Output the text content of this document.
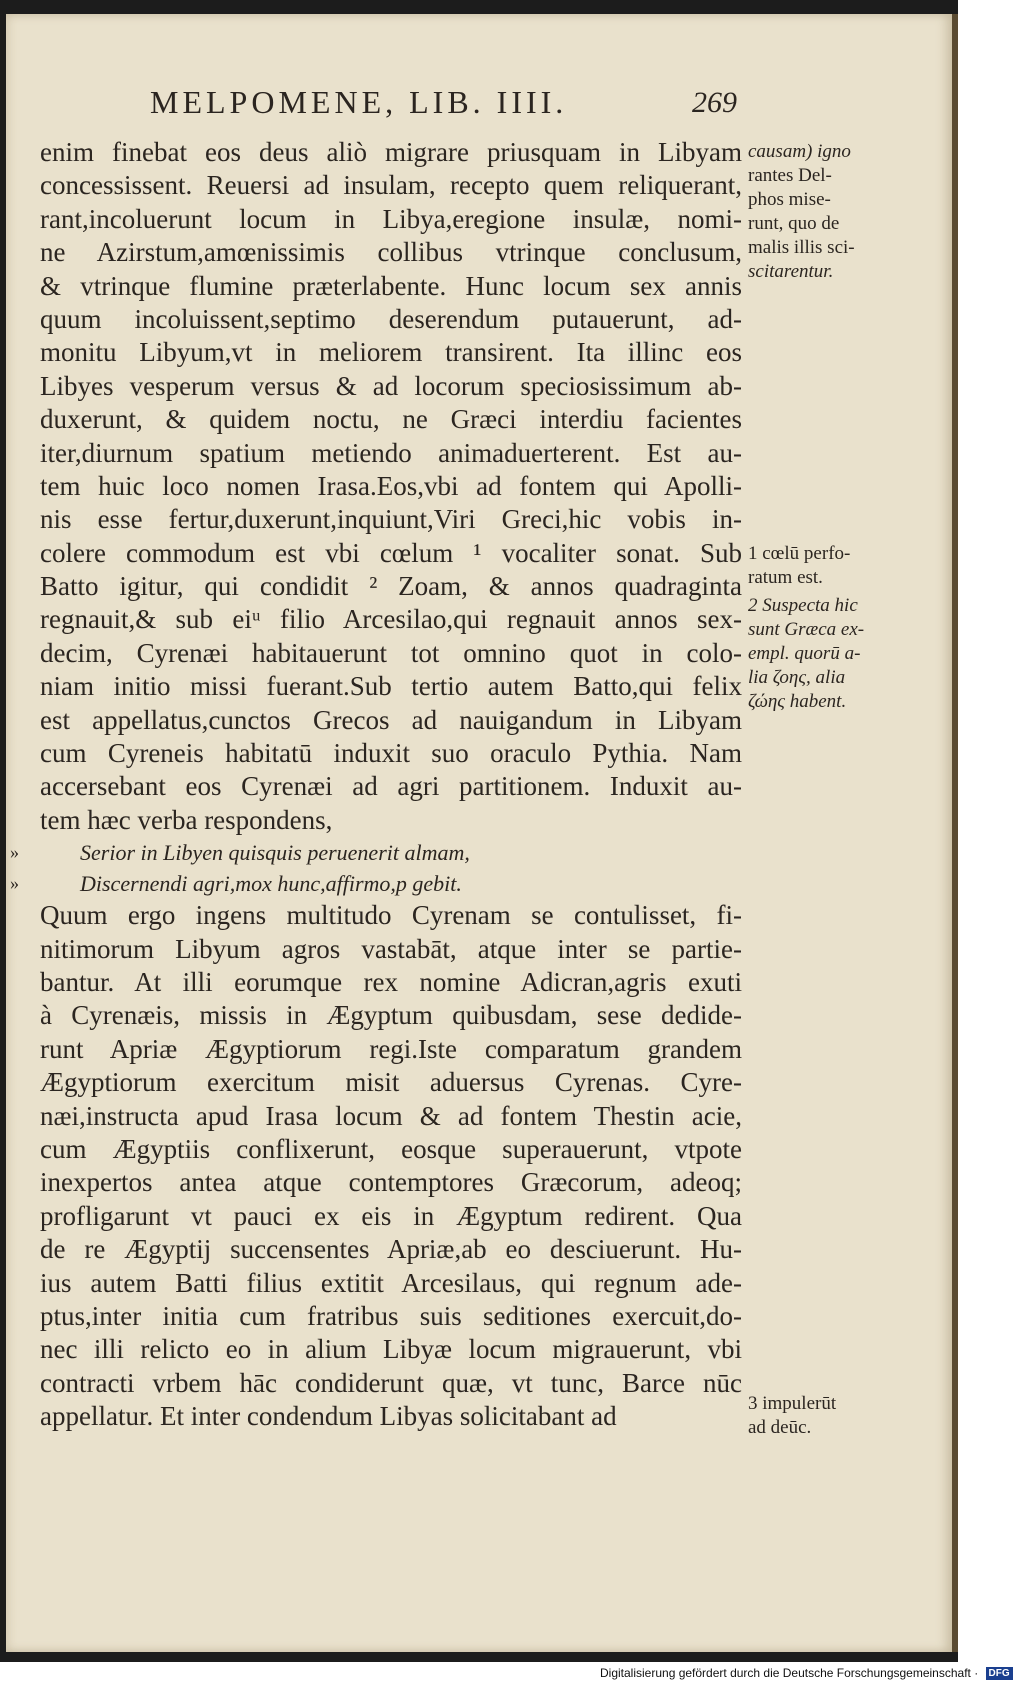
MELPOMENE, LIB. IIII.	269
enim finebat eos deus aliò migrare priusquam in Libyam
concessissent. Reuersi ad insulam, recepto quem reliquerant,
rant,incoluerunt locum in Libya,eregione insulæ, nomi-
ne Azirstum,amœnissimis collibus vtrinque conclusum,
& vtrinque flumine præterlabente. Hunc locum sex annis
quum incoluissent,septimo deserendum putauerunt, ad-
monitu Libyum,vt in meliorem transirent. Ita illinc eos
Libyes vesperum versus & ad locorum speciosissimum ab-
duxerunt, & quidem noctu, ne Græci interdiu facientes
iter,diurnum spatium metiendo animaduerterent. Est au-
tem huic loco nomen Irasa.Eos,vbi ad fontem qui Apolli-
nis esse fertur,duxerunt,inquiunt,Viri Greci,hic vobis in-
colere commodum est vbi cœlum ¹ vocaliter sonat. Sub
Batto igitur, qui condidit ² Zoam, & annos quadraginta
regnauit,& sub eiᵘ filio Arcesilao,qui regnauit annos sex-
decim, Cyrenæi habitauerunt tot omnino quot in colo-
niam initio missi fuerant.Sub tertio autem Batto,qui felix
est appellatus,cunctos Grecos ad nauigandum in Libyam
cum Cyreneis habitatū induxit suo oraculo Pythia. Nam
accersebant eos Cyrenæi ad agri partitionem. Induxit au-
tem hæc verba respondens,
»	Serior in Libyen quisquis peruenerit almam,
»	Discernendi agri,mox hunc,affirmo,p gebit.
Quum ergo ingens multitudo Cyrenam se contulisset, fi-
nitimorum Libyum agros vastabāt, atque inter se partie-
bantur. At illi eorumque rex nomine Adicran,agris exuti
à Cyrenæis, missis in Ægyptum quibusdam, sese dedide-
runt Apriæ Ægyptiorum regi.Iste comparatum grandem
Ægyptiorum exercitum misit aduersus Cyrenas. Cyre-
næi,instructa apud Irasa locum & ad fontem Thestin acie,
cum Ægyptiis conflixerunt, eosque superauerunt, vtpote
inexpertos antea atque contemptores Græcorum, adeoq;
profligarunt vt pauci ex eis in Ægyptum redirent. Qua
de re Ægyptij succensentes Apriæ,ab eo desciuerunt. Hu-
ius autem Batti filius extitit Arcesilaus, qui regnum ade-
ptus,inter initia cum fratribus suis seditiones exercuit,do-
nec illi relicto eo in alium Libyæ locum migrauerunt, vbi
contracti vrbem hāc condiderunt quæ, vt tunc, Barce nūc
appellatur. Et inter condendum Libyas solicitabant ad
causam) igno
rantes Del-
phos mise-
runt, quo de
malis illis sci-
scitarentur.
1 cœlū perfo-
ratum est.
2 Suspecta hic
sunt Græca ex-
empl. quorū a-
lia ζοης, alia
ζώης habent.
3 impulerūt
ad deūc.
Digitalisierung gefördert durch die Deutsche Forschungsgemeinschaft · DFG
